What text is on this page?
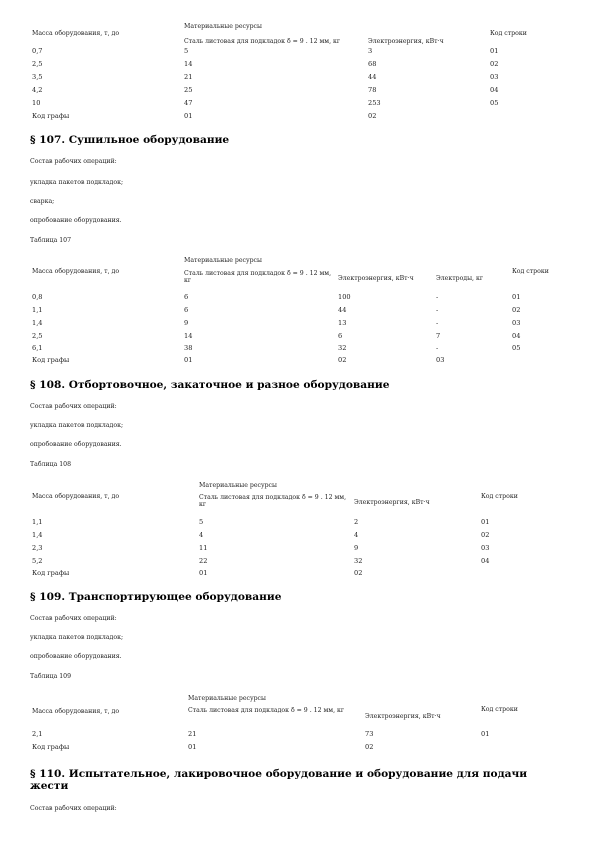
Материальные ресурсы
Масса оборудования, т, до
Сталь листовая для подкладок δ = 9 . 12 мм, кг	Электроэнергия, кВт·ч
Код строки
0,7	5	3	01
2,5	14	68	02
3,5	21	44	03
4,2	25	78	04
10	47	253	05
Код графы	01	02
§ 107. Сушильное оборудование
Состав рабочих операций:
укладка пакетов подкладок;
сварка;
опробование оборудования.
Таблица 107
Материальные ресурсы
Масса оборудования, т, до	Сталь листовая для подкладок δ = 9 . 12 мм, кг	Электроэнергия, кВт·ч	Электроды, кг
Код строки
0,8	6	100	-	01
1,1	6	44	-	02
1,4	9	13	-	03
2,5	14	6	7	04
6,1	38	32	-	05
Код графы	01	02	03
§ 108. Отбортовочное, закаточное и разное оборудование
Состав рабочих операций:
укладка пакетов подкладок;
опробование оборудования.
Таблица 108
Материальные ресурсы
Масса оборудования, т, до	Сталь листовая для подкладок δ = 9 . 12 мм, кг	Электроэнергия, кВт·ч
Код строки
1,1	5	2	01
1,4	4	4	02
2,3	11	9	03
5,2	22	32	04
Код графы	01	02
§ 109. Транспортирующее оборудование
Состав рабочих операций:
укладка пакетов подкладок;
опробование оборудования.
Таблица 109
Материальные ресурсы
Масса оборудования, т, до	Сталь листовая для подкладок δ = 9 . 12 мм, кг
Электроэнергия, кВт·ч
Код строки
2,1	21	73	01
Код графы	01	02
§ 110. Испытательное, лакировочное оборудование и оборудование для подачи жести
Состав рабочих операций:
